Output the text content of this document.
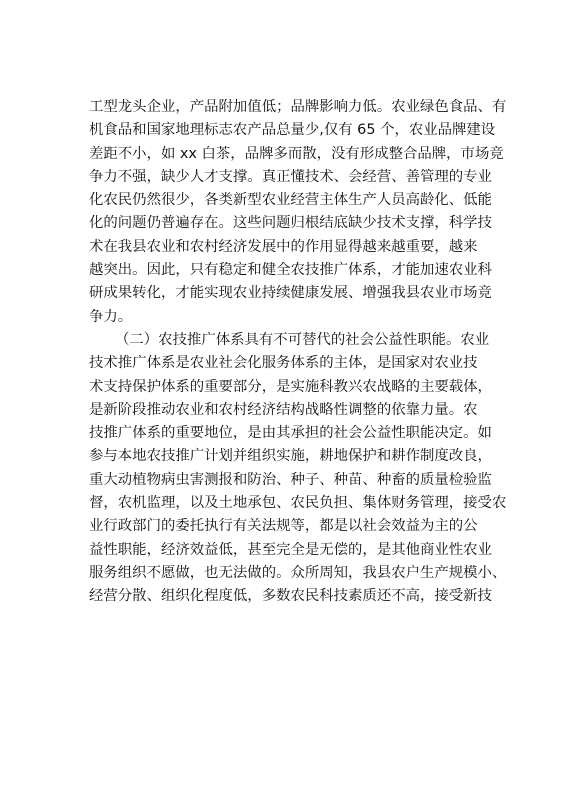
工型龙头企业，产品附加值低；品牌影响力低。农业绿色食品、有
机食品和国家地理标志农产品总量少,仅有 65 个，农业品牌建设
差距不小，如 xx 白茶，品牌多而散，没有形成整合品牌，市场竞
争力不强，缺少人才支撑。真正懂技术、会经营、善管理的专业
化农民仍然很少，各类新型农业经营主体生产人员高龄化、低能
化的问题仍普遍存在。这些问题归根结底缺少技术支撑，科学技
术在我县农业和农村经济发展中的作用显得越来越重要，越来
越突出。因此，只有稳定和健全农技推广体系，才能加速农业科
研成果转化，才能实现农业持续健康发展、增强我县农业市场竞
争力。
（二）农技推广体系具有不可替代的社会公益性职能。农业
技术推广体系是农业社会化服务体系的主体，是国家对农业技
术支持保护体系的重要部分，是实施科教兴农战略的主要载体，
是新阶段推动农业和农村经济结构战略性调整的依靠力量。农
技推广体系的重要地位，是由其承担的社会公益性职能决定。如
参与本地农技推广计划并组织实施，耕地保护和耕作制度改良，
重大动植物病虫害测报和防治、种子、种苗、种畜的质量检验监
督，农机监理，以及土地承包、农民负担、集体财务管理，接受农
业行政部门的委托执行有关法规等，都是以社会效益为主的公
益性职能，经济效益低，甚至完全是无偿的，是其他商业性农业
服务组织不愿做，也无法做的。众所周知，我县农户生产规模小、
经营分散、组织化程度低，多数农民科技素质还不高，接受新技
